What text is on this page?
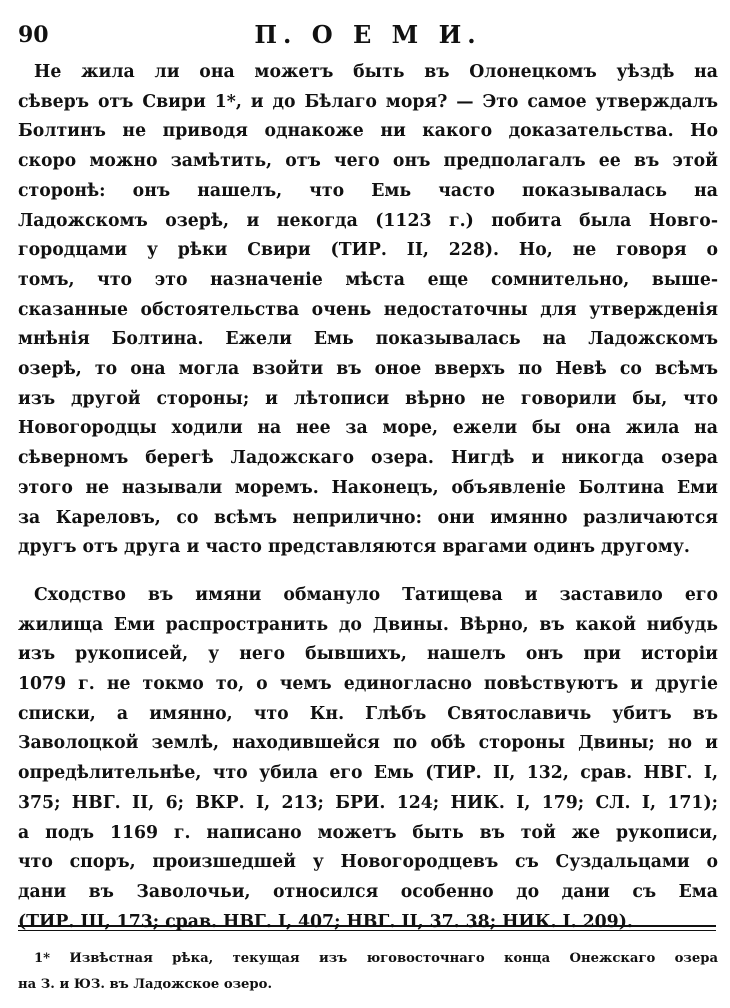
90	П. О Е М И.

Не жила ли она можетъ быть въ Олонецкомъ уѣздѣ на
сѣверъ отъ Свири 1*, и до Бѣлаго моря? — Это самое утверждалъ
Болтинъ не приводя однакоже ни какого доказательства. Но
скоро можно замѣтить, отъ чего онъ предполагалъ ее въ этой
сторонѣ: онъ нашелъ, что Емь часто показывалась на
Ладожскомъ озерѣ, и некогда (1123 г.) побита была Новго-
городцами у рѣки Свири (ТИР. II, 228). Но, не говоря о
томъ, что это назначеніе мѣста еще сомнительно, выше-
сказанные обстоятельства очень недостаточны для утвержденія
мнѣнія Болтина. Ежели Емь показывалась на Ладожскомъ
озерѣ, то она могла взойти въ оное вверхъ по Невѣ со всѣмъ
изъ другой стороны; и лѣтописи вѣрно не говорили бы, что
Новогородцы ходили на нее за море, ежели бы она жила на
сѣверномъ берегѣ Ладожскаго озера. Нигдѣ и никогда озера
этого не называли моремъ. Наконецъ, объявленіе Болтина Еми
за Кареловъ, со всѣмъ неприлично: они имянно различаются
другъ отъ друга и часто представляются врагами одинъ другому.

Сходство въ имяни обмануло Татищева и заставило его
жилища Еми распространить до Двины. Вѣрно, въ какой нибудь
изъ рукописей, у него бывшихъ, нашелъ онъ при исторіи
1079 г. не токмо то, о чемъ единогласно повѣствуютъ и другіе
списки, а имянно, что Кн. Глѣбъ Святославичь убитъ въ
Заволоцкой землѣ, находившейся по обѣ стороны Двины; но и
опредѣлительнѣе, что убила его Емь (ТИР. II, 132, срав. НВГ. I,
375; НВГ. II, 6; ВКР. I, 213; БРИ. 124; НИК. I, 179; СЛ. I, 171);
а подъ 1169 г. написано можетъ быть въ той же рукописи,
что споръ, произшедшей у Новогородцевъ съ Суздальцами о
дани въ Заволочьи, относился особенно до дани съ Ема
(ТИР. III, 173; срав. НВГ. I, 407; НВГ. II, 37. 38; НИК. I. 209).

1* Извѣстная рѣка, текущая изъ юговосточнаго конца Онежскаго озера
на З. и ЮЗ. въ Ладожское озеро.
